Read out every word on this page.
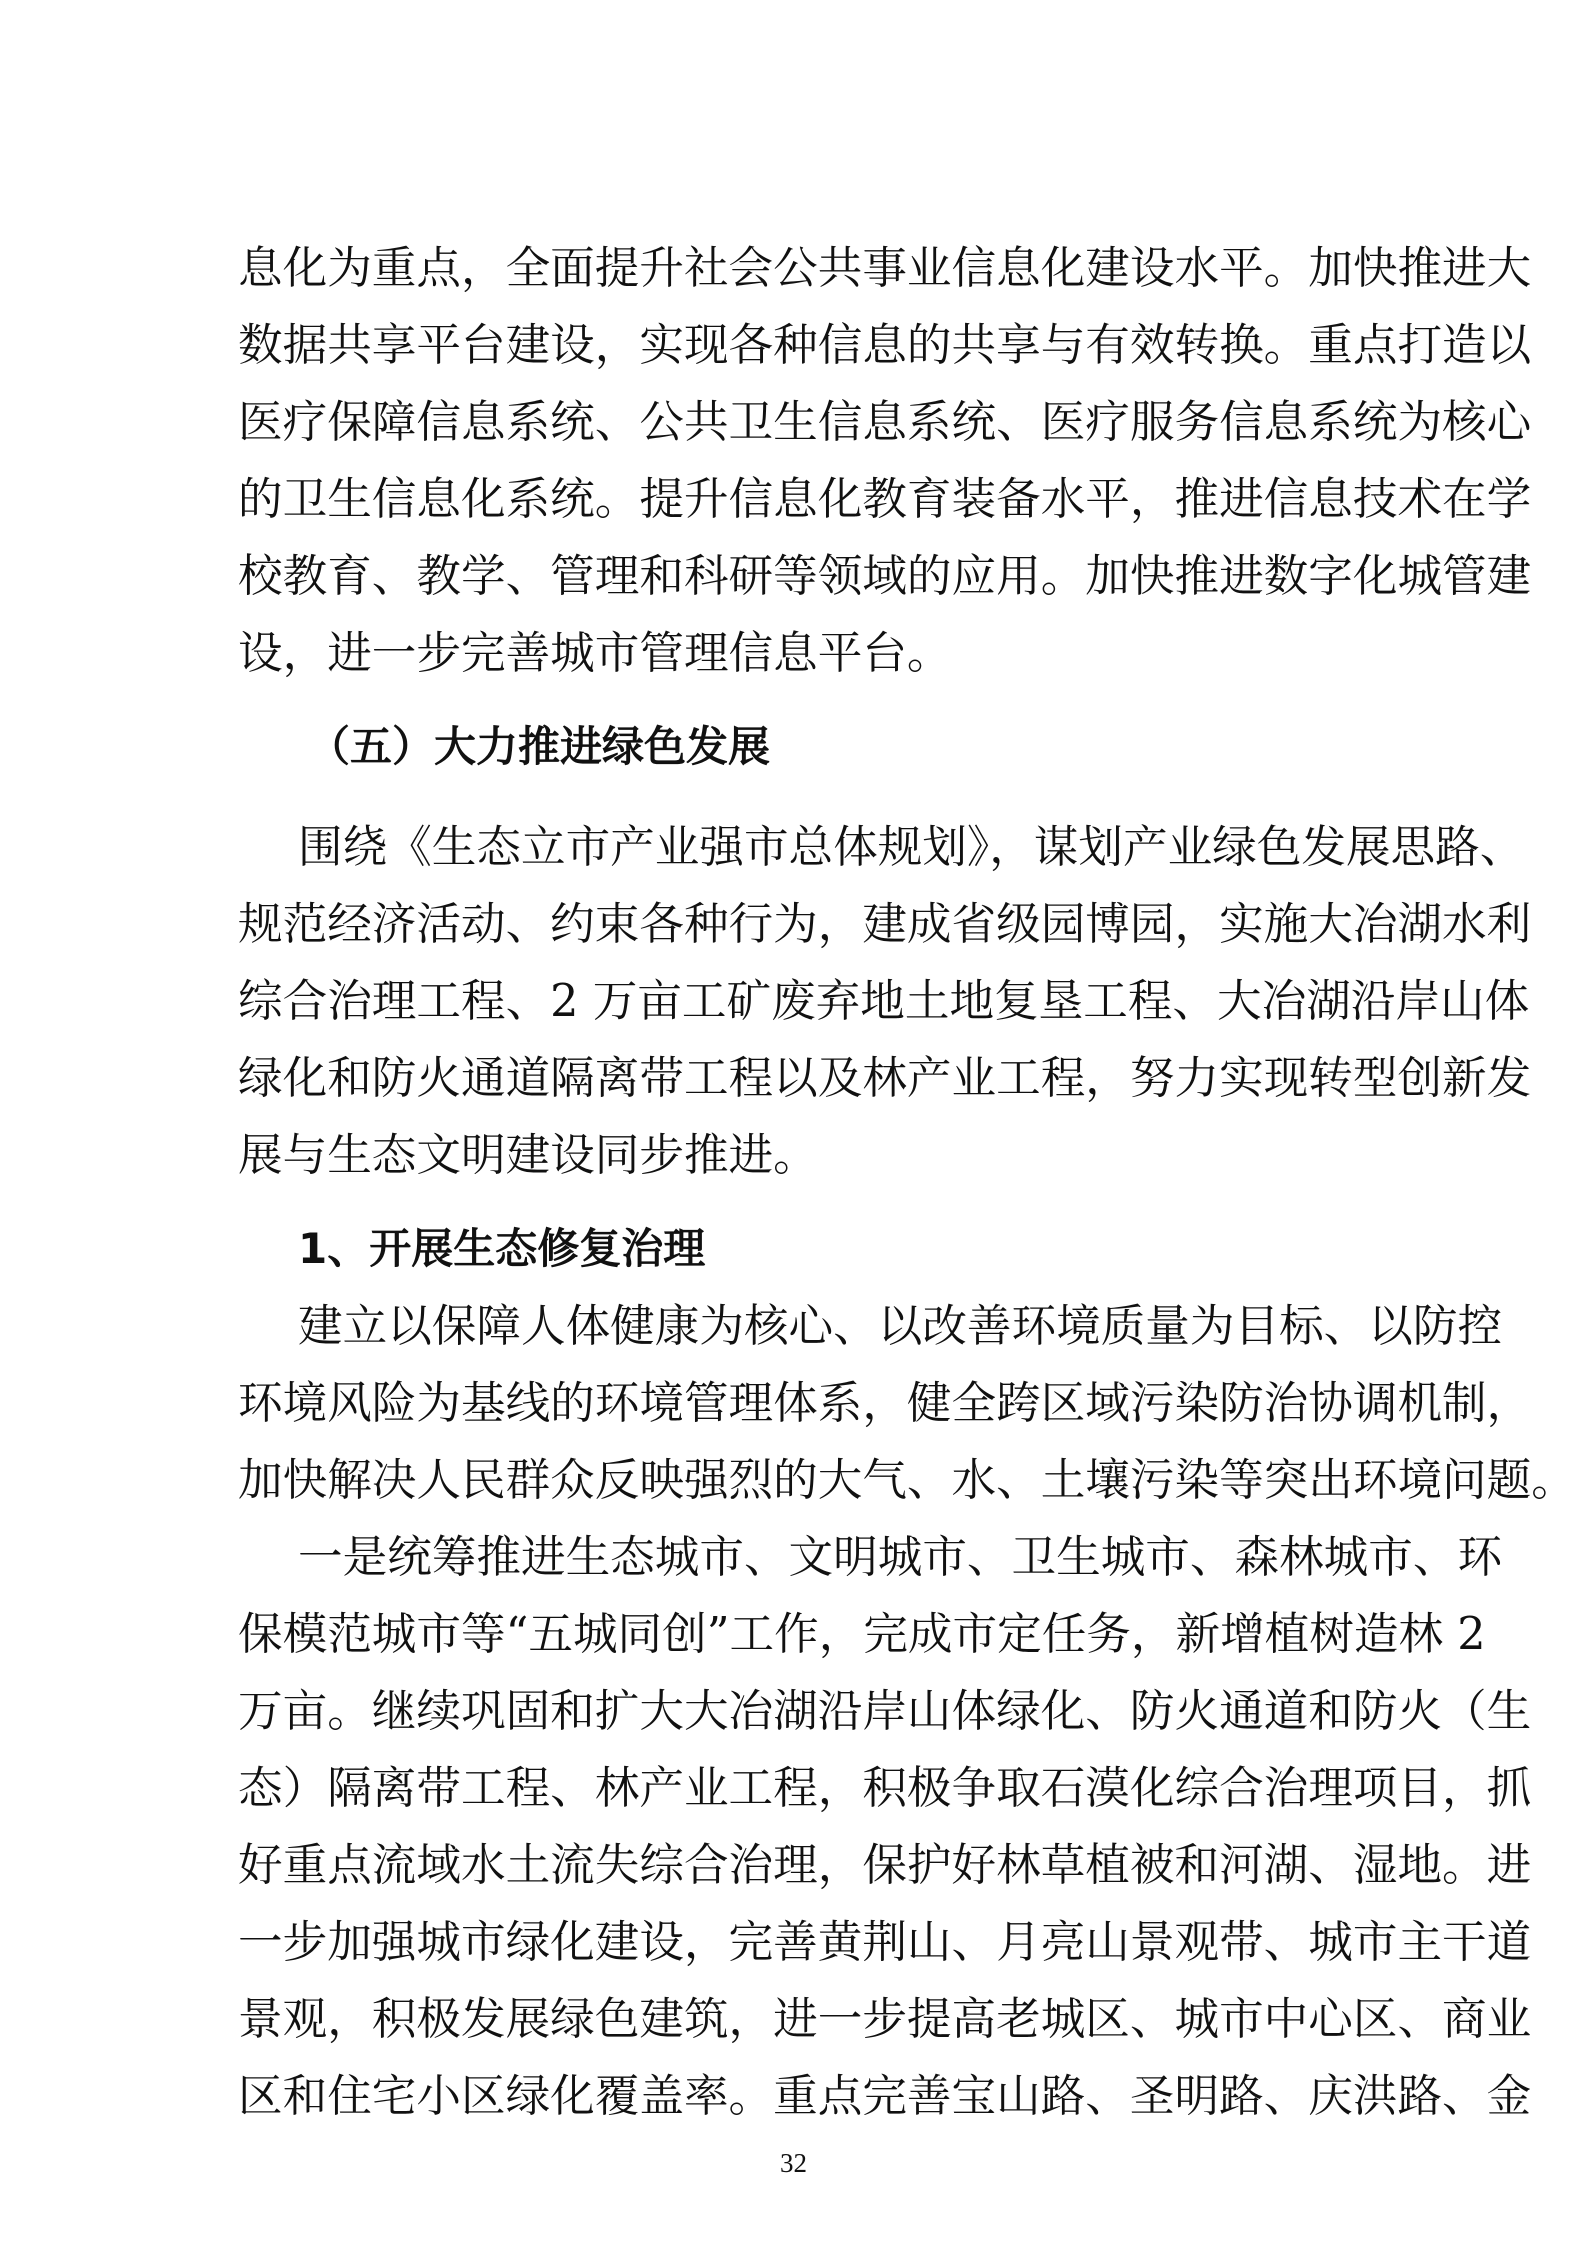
息化为重点，全面提升社会公共事业信息化建设水平。加快推进大
数据共享平台建设，实现各种信息的共享与有效转换。重点打造以
医疗保障信息系统、公共卫生信息系统、医疗服务信息系统为核心
的卫生信息化系统。提升信息化教育装备水平，推进信息技术在学
校教育、教学、管理和科研等领域的应用。加快推进数字化城管建
设，进一步完善城市管理信息平台。
（五）大力推进绿色发展
围绕《生态立市产业强市总体规划》，谋划产业绿色发展思路、
规范经济活动、约束各种行为，建成省级园博园，实施大冶湖水利
综合治理工程、2 万亩工矿废弃地土地复垦工程、大冶湖沿岸山体
绿化和防火通道隔离带工程以及林产业工程，努力实现转型创新发
展与生态文明建设同步推进。
1、开展生态修复治理
建立以保障人体健康为核心、以改善环境质量为目标、以防控
环境风险为基线的环境管理体系，健全跨区域污染防治协调机制，
加快解决人民群众反映强烈的大气、水、土壤污染等突出环境问题。
一是统筹推进生态城市、文明城市、卫生城市、森林城市、环
保模范城市等“五城同创”工作，完成市定任务，新增植树造林 2
万亩。继续巩固和扩大大冶湖沿岸山体绿化、防火通道和防火（生
态）隔离带工程、林产业工程，积极争取石漠化综合治理项目，抓
好重点流域水土流失综合治理，保护好林草植被和河湖、湿地。进
一步加强城市绿化建设，完善黄荆山、月亮山景观带、城市主干道
景观，积极发展绿色建筑，进一步提高老城区、城市中心区、商业
区和住宅小区绿化覆盖率。重点完善宝山路、圣明路、庆洪路、金
32
